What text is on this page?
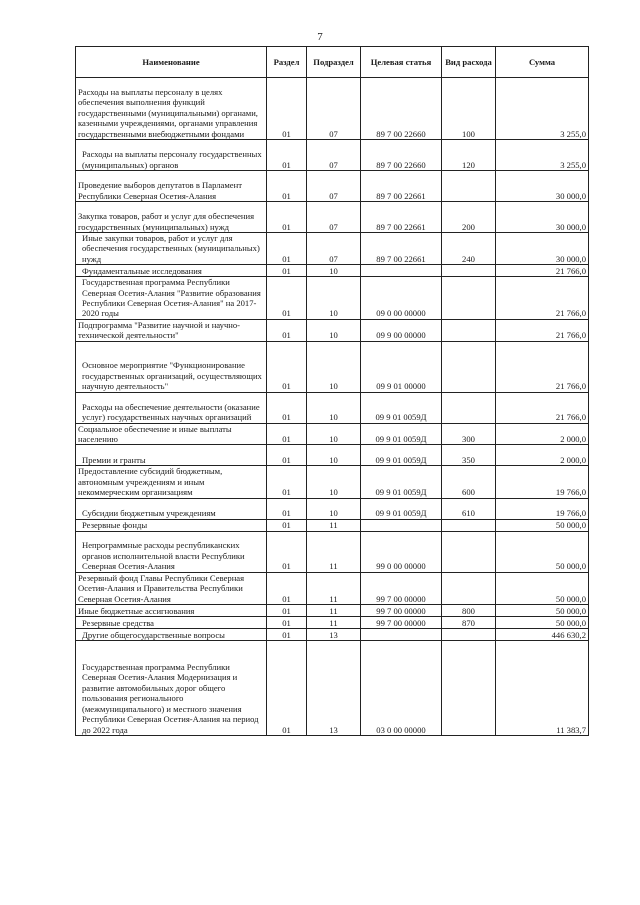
7
Наименование	Раздел	Подраздел	Целевая статья	Вид расхода	Сумма
Расходы на выплаты персоналу в целях обеспечения выполнения функций государственными (муниципальными) органами, казенными учреждениями, органами управления государственными внебюджетными фондами	01	07	89 7 00 22660	100	3 255,0
Расходы на выплаты персоналу государственных (муниципальных) органов	01	07	89 7 00 22660	120	3 255,0
Проведение выборов депутатов в Парламент Республики Северная Осетия-Алания	01	07	89 7 00 22661		30 000,0
Закупка товаров, работ и услуг для обеспечения государственных (муниципальных) нужд	01	07	89 7 00 22661	200	30 000,0
Иные закупки товаров, работ и услуг для обеспечения государственных (муниципальных) нужд	01	07	89 7 00 22661	240	30 000,0
Фундаментальные исследования	01	10			21 766,0
Государственная программа Республики Северная Осетия-Алания "Развитие образования Республики Северная Осетия-Алания" на 2017-2020 годы	01	10	09 0 00 00000		21 766,0
Подпрограмма "Развитие научной и научно-технической деятельности"	01	10	09 9 00 00000		21 766,0
Основное мероприятие "Функционирование государственных организаций, осуществляющих научную деятельность"	01	10	09 9 01 00000		21 766,0
Расходы на обеспечение деятельности (оказание услуг) государственных научных организаций	01	10	09 9 01 0059Д		21 766,0
Социальное обеспечение и иные выплаты населению	01	10	09 9 01 0059Д	300	2 000,0
Премии и гранты	01	10	09 9 01 0059Д	350	2 000,0
Предоставление субсидий бюджетным, автономным учреждениям и иным некоммерческим организациям	01	10	09 9 01 0059Д	600	19 766,0
Субсидии бюджетным учреждениям	01	10	09 9 01 0059Д	610	19 766,0
Резервные фонды	01	11			50 000,0
Непрограммные расходы республиканских органов исполнительной власти Республики Северная Осетия-Алания	01	11	99 0 00 00000		50 000,0
Резервный фонд Главы Республики Северная Осетия-Алания и Правительства Республики Северная Осетия-Алания	01	11	99 7 00 00000		50 000,0
Иные бюджетные ассигнования	01	11	99 7 00 00000	800	50 000,0
Резервные средства	01	11	99 7 00 00000	870	50 000,0
Другие общегосударственные вопросы	01	13			446 630,2
Государственная программа Республики Северная Осетия-Алания Модернизация и развитие автомобильных дорог общего пользования регионального (межмуниципального) и местного значения Республики Северная Осетия-Алания на период до 2022 года	01	13	03 0 00 00000		11 383,7
